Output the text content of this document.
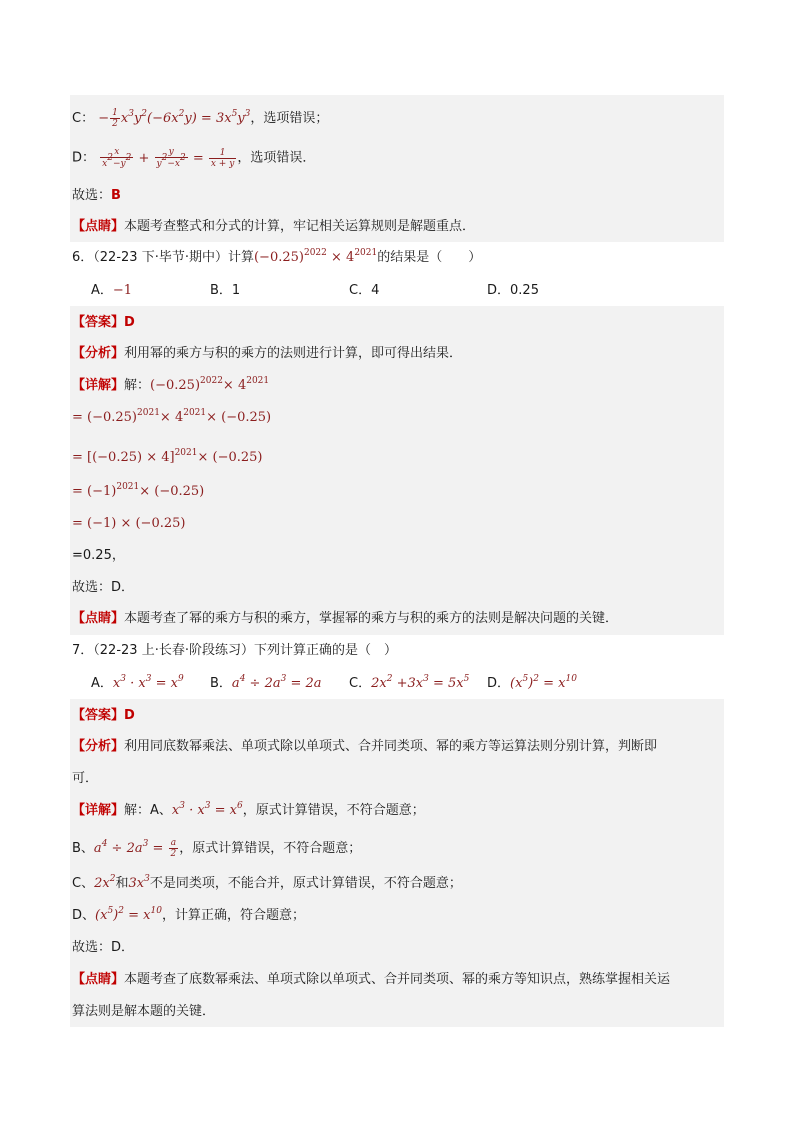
C： − $\frac{1}{2} x^3y^2(-6x^2y) = 3x^5y^3$，选项错误；
D： $\frac{x}{x^2-y^2} + \frac{y}{y^2-x^2} = \frac{1}{x + y}$ ，选项错误．
故选：B
【点睛】本题考查整式和分式的计算，牢记相关运算规则是解题重点．
6．（22-23 下·毕节·期中）计算$(-0.25)^{2022} \times 4^{2021}$的结果是（　　）
A．−1	B．1	C．4	D．0.25
【答案】D
【分析】利用幂的乘方与积的乘方的法则进行计算，即可得出结果．
【详解】解：$(-0.25)^{2022}\times 4^{2021}$
= $(-0.25)^{2021}\times 4^{2021}\times (-0.25)$
= $[(-0.25) \times 4]^{2021}\times (-0.25)$
= $(-1)^{2021}\times (-0.25)$
= (−1) × (−0.25)
=0.25，
故选：D．
【点睛】本题考查了幂的乘方与积的乘方，掌握幂的乘方与积的乘方的法则是解决问题的关键．
7．（22-23 上·长春·阶段练习）下列计算正确的是（　）
A．$x^3 \cdot x^3 = x^9$ B．$a^4 \div 2a^3 = 2a$ C．$2x^2 +3x^3 = 5x^5$ D．$(x^5)^2 = x^{10}$
【答案】D
【分析】利用同底数幂乘法、单项式除以单项式、合并同类项、幂的乘方等运算法则分别计算，判断即
可．
【详解】解：A、$x^3 \cdot x^3 = x^6$，原式计算错误，不符合题意；
B、$a^4 \div 2a^3 = \frac{a}{2}$ ，原式计算错误，不符合题意；
C、$2x^2$和$3x^3$不是同类项，不能合并，原式计算错误，不符合题意；
D、$(x^5)^2 = x^{10}$，计算正确，符合题意；
故选：D．
【点睛】本题考查了底数幂乘法、单项式除以单项式、合并同类项、幂的乘方等知识点，熟练掌握相关运
算法则是解本题的关键．
